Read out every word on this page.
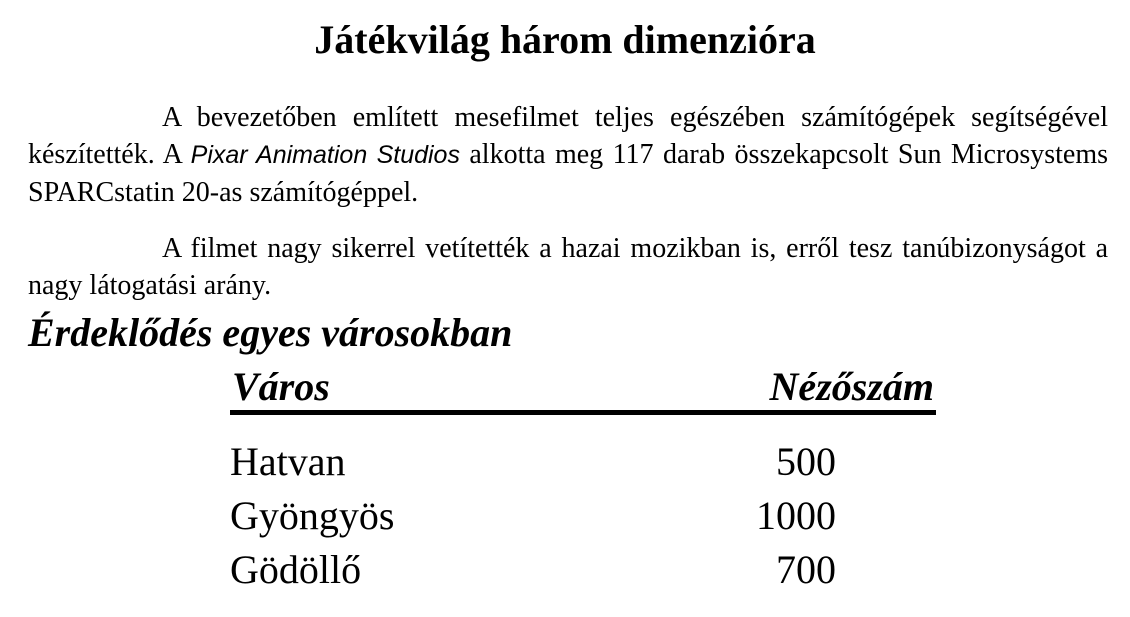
Játékvilág három dimenzióra

A bevezetőben említett mesefilmet teljes egészében számítógépek segítségével készítették. A Pixar Animation Studios alkotta meg 117 darab összekapcsolt Sun Microsystems SPARCstatin 20-as számítógéppel.

A filmet nagy sikerrel vetítették a hazai mozikban is, erről tesz tanúbizonyságot a nagy látogatási arány.

Érdeklődés egyes városokban
Város	Nézőszám
Hatvan	500
Gyöngyös	1000
Gödöllő	700
